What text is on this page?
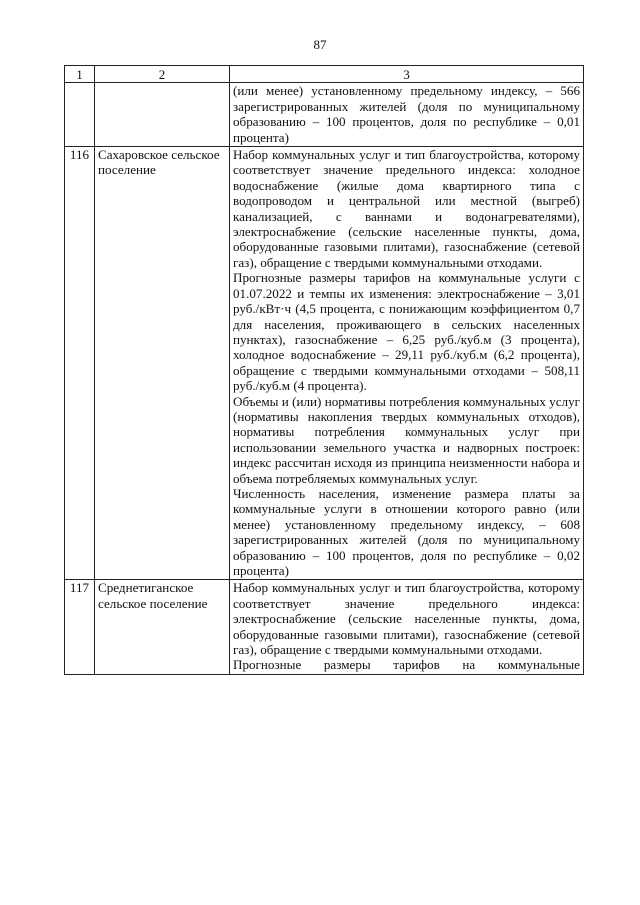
87
1	2	3

		(или менее) установленному предельному индексу, – 566 зарегистрированных жителей (доля по муниципальному образованию – 100 процентов, доля по республике – 0,01 процента)

116	Сахаровское сельское поселение	Набор коммунальных услуг и тип благоустройства, которому соответствует значение предельного индекса: холодное водоснабжение (жилые дома квартирного типа с водопроводом и центральной или местной (выгреб) канализацией, с ваннами и водонагревателями), электроснабжение (сельские населенные пункты, дома, оборудованные газовыми плитами), газоснабжение (сетевой газ), обращение с твердыми коммунальными отходами.
Прогнозные размеры тарифов на коммунальные услуги с 01.07.2022 и темпы их изменения: электроснабжение – 3,01 руб./кВт·ч (4,5 процента, с понижающим коэффициентом 0,7 для населения, проживающего в сельских населенных пунктах), газоснабжение – 6,25 руб./куб.м (3 процента), холодное водоснабжение – 29,11 руб./куб.м (6,2 процента), обращение с твердыми коммунальными отходами – 508,11 руб./куб.м (4 процента).
Объемы и (или) нормативы потребления коммунальных услуг (нормативы накопления твердых коммунальных отходов), нормативы потребления коммунальных услуг при использовании земельного участка и надворных построек: индекс рассчитан исходя из принципа неизменности набора и объема потребляемых коммунальных услуг.
Численность населения, изменение размера платы за коммунальные услуги в отношении которого равно (или менее) установленному предельному индексу, – 608 зарегистрированных жителей (доля по муниципальному образованию – 100 процентов, доля по республике – 0,02 процента)

117	Среднетиганское сельское поселение	Набор коммунальных услуг и тип благоустройства, которому соответствует значение предельного индекса: электроснабжение (сельские населенные пункты, дома, оборудованные газовыми плитами), газоснабжение (сетевой газ), обращение с твердыми коммунальными отходами.
Прогнозные размеры тарифов на коммунальные
